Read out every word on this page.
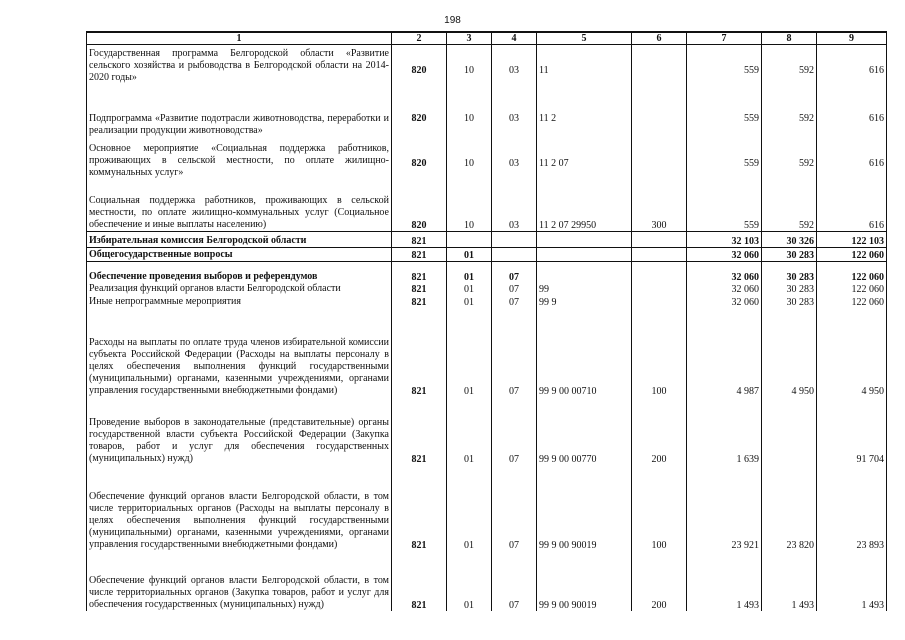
198
1	2	3	4	5	6	7	8	9
Государственная программа Белгородской области «Развитие сельского хозяйства и рыбоводства в Белгородской области на 2014-2020 годы»	820	10	03	11		559	592	616
Подпрограмма «Развитие подотрасли животноводства, переработки и реализации продукции животноводства»	820	10	03	11 2		559	592	616
Основное мероприятие «Социальная поддержка работников, проживающих в сельской местности, по оплате жилищно-коммунальных услуг»	820	10	03	11 2 07		559	592	616
Социальная поддержка работников, проживающих в сельской местности, по оплате жилищно-коммунальных услуг (Социальное обеспечение и иные выплаты населению)	820	10	03	11 2 07 29950	300	559	592	616
Избирательная комиссия Белгородской области	821					32 103	30 326	122 103
Общегосударственные вопросы	821	01				32 060	30 283	122 060
Обеспечение проведения выборов и референдумов	821	01	07			32 060	30 283	122 060
Реализация функций органов власти Белгородской области	821	01	07	99		32 060	30 283	122 060
Иные непрограммные мероприятия	821	01	07	99 9		32 060	30 283	122 060
Расходы на выплаты по оплате труда членов избирательной комиссии субъекта Российской Федерации (Расходы на выплаты персоналу в целях обеспечения выполнения функций государственными (муниципальными) органами, казенными учреждениями, органами управления государственными внебюджетными фондами)	821	01	07	99 9 00 00710	100	4 987	4 950	4 950
Проведение выборов в законодательные (представительные) органы государственной власти субъекта Российской Федерации (Закупка товаров, работ и услуг для обеспечения государственных (муниципальных) нужд)	821	01	07	99 9 00 00770	200	1 639		91 704
Обеспечение функций органов власти Белгородской области, в том числе территориальных органов (Расходы на выплаты персоналу в целях обеспечения выполнения функций государственными (муниципальными) органами, казенными учреждениями, органами управления государственными внебюджетными фондами)	821	01	07	99 9 00 90019	100	23 921	23 820	23 893
Обеспечение функций органов власти Белгородской области, в том числе территориальных органов (Закупка товаров, работ и услуг для обеспечения государственных (муниципальных) нужд)	821	01	07	99 9 00 90019	200	1 493	1 493	1 493
